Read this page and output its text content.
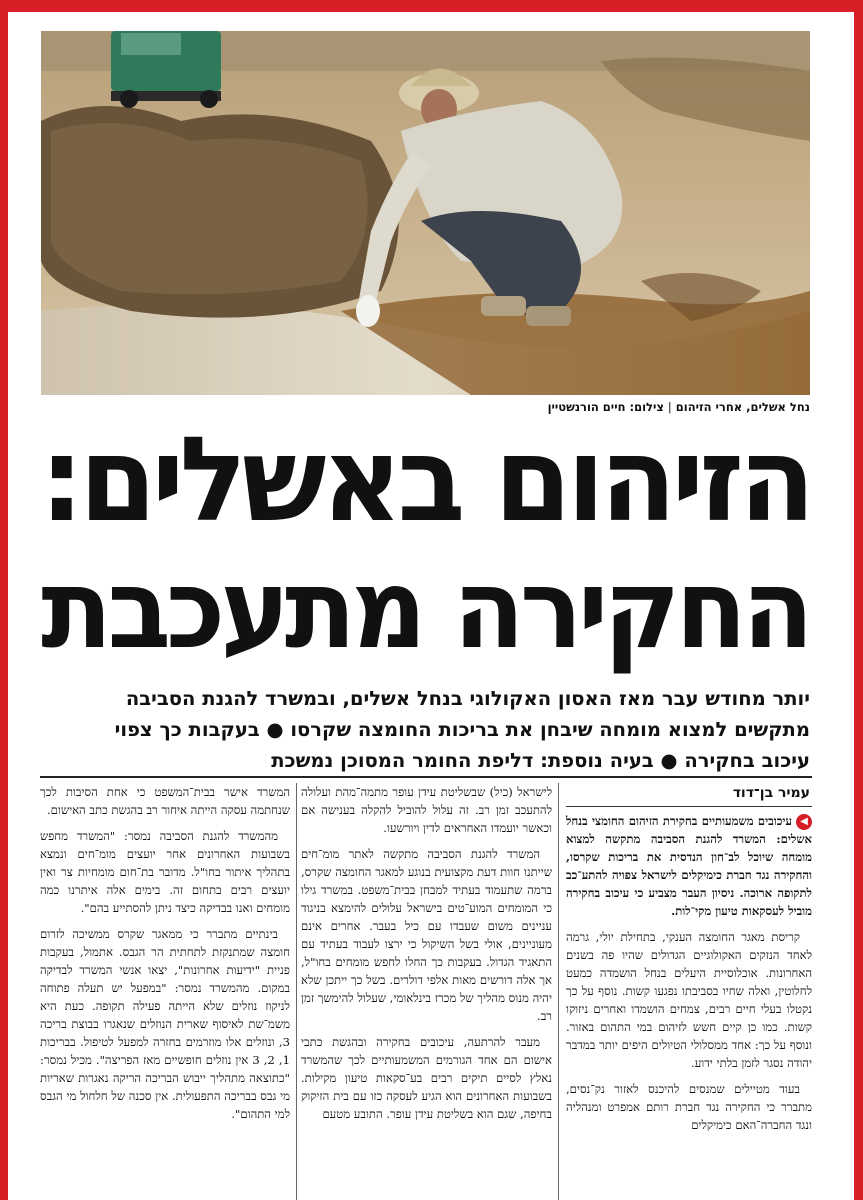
נחל אשלים, אחרי הזיהום|צילום: חיים הורנשטיין
הזיהום באשלים:
החקירה מתעכבת
יותר מחודש עבר מאז האסון האקולוגי בנחל אשלים, ובמשרד להגנת הסביבה
מתקשים למצוא מומחה שיבחן את בריכות החומצה שקרסו ● בעקבות כך צפוי
עיכוב בחקירה ● בעיה נוספת: דליפת החומר המסוכן נמשכת
עמיר בן־דוד

◀עיכובים משמעותיים בחקירת הזיהום החומצי בנחל אשלים: המשרד להגנת הסביבה מתקשה למצוא מומחה שיוכל לב־חון הנדסית את בריכות שקרסו, והחקירה נגד חברת כימיקלים לישראל צפויה להתע־כב לתקופה ארוכה. ניסיון העבר מצביע כי עיכוב בחקירה מוביל לעסקאות טיעון מקי־לות.

קריסת מאגר החומצה הענקי, בתחילת יולי, גרמה לאחד הנזקים האקולוגיים הגדולים שהיו פה בשנים האחרונות. אוכלוסיית היעלים בנחל הושמדה כמעט לחלוטין, ואלה שחיו בסביבתו נפגעו קשות. נוסף על כך נקטלו בעלי חיים רבים, צמחים הושמדו ואחרים ניזוקו קשות. כמו כן קיים חשש לזיהום במי התהום באזור. ונוסף על כך: אחד ממסלולי הטיולים היפים יותר במדבר יהודה נסגר לזמן בלתי ידוע.

בעוד מטיילים שמנסים להיכנס לאזור נק־נסים, מתברר כי החקירה נגד חברת רותם אמפרט ומנהליה ונגד החברה־האם כימיקלים

לישראל (כיל) שבשליטת עידן עופר מתמה־מהת ועלולה להתעכב זמן רב. זה עלול להוביל להקלה בענישה אם וכאשר יועמדו האחראים לדין ויורשעו.

המשרד להגנת הסביבה מתקשה לאתר מומ־חים שייתנו חוות דעת מקצועית בנוגע למאגר החומצה שקרס, ברמה שתעמוד בעתיד למבחן בבית־משפט. במשרד גילו כי המומחים המוע־טים בישראל עלולים להימצא בניגוד עניינים משום שעבדו עם כיל בעבר. אחרים אינם מעוניינים, אולי בשל השיקול כי ירצו לעבוד בעתיד עם התאגיד הגדול. בעקבות כך החלו לחפש מומחים בחו"ל, אך אלה דורשים מאות אלפי דולרים. בשל כך ייתכן שלא יהיה מנוס מהליך של מכרז בינלאומי, שעלול להימשך זמן רב.

מעבר להרתעה, עיכובים בחקירה ובהגשת כתבי אישום הם אחד הגורמים המשמעותיים לכך שהמשרד נאלץ לסיים תיקים רבים בע־סקאות טיעון מקילות. בשבועות האחרונים הוא הגיע לעסקה כזו עם בית הזיקוק בחיפה, שגם הוא בשליטת עידן עופר. התובע מטעם

המשרד אישר בבית־המשפט כי אחת הסיבות לכך שנחתמה עסקה הייתה איחור רב בהגשת כתב האישום.

מהמשרד להגנת הסביבה נמסר: "המשרד מחפש בשבועות האחרונים אחר יועצים מומ־חים ונמצא בתהליך איתור בחו"ל. מדובר בת־חום מומחיות צר ואין יועצים רבים בתחום זה. בימים אלה איתרנו כמה מומחים ואנו בבדיקה כיצד ניתן להסתייע בהם".

בינתיים מתברר כי ממאגר שקרס ממשיכה לזרום חומצה שמתנקזת לתחתית הר הגבס. אתמול, בעקבות פניית "ידיעות אחרונות", יצאו אנשי המשרד לבדיקה במקום. מהמשרד נמסר: "במפעל יש תעלה פתוחה לניקוז נוזלים שלא הייתה פעילה תקופה. כעת היא משמ־שת לאיסוף שארית הנוזלים שנאגרו בבוצת בריכה 3, ונוזלים אלו מוזרמים בחזרה למפעל לטיפול. בבריכות 1, 2, 3 אין נוזלים חופשיים מאז הפריצה". מכיל נמסר: "כתוצאה מתהליך ייבוש הבריכה הריקה נאגרות שאריות מי גבס בבריכה התפעולית. אין סכנה של חלחול מי הגבס למי התהום".
